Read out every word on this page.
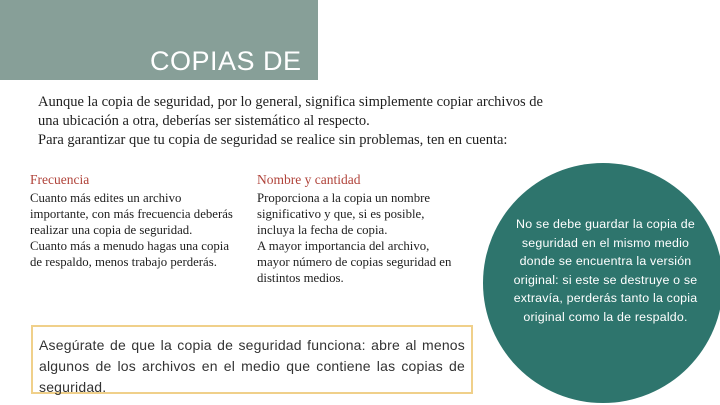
COPIAS DE

Aunque la copia de seguridad, por lo general, significa simplemente copiar archivos de

una ubicación a otra, deberías ser sistemático al respecto.

Para garantizar que tu copia de seguridad se realice sin problemas, ten en cuenta:

Frecuencia

Cuanto más edites un archivo importante, con más frecuencia deberás realizar una copia de seguridad.

Cuanto más a menudo hagas una copia de respaldo, menos trabajo perderás.

Nombre y cantidad

Proporciona a la copia un nombre significativo y que, si es posible, incluya la fecha de copia.

A mayor importancia del archivo, mayor número de copias seguridad en distintos medios.

Asegúrate de que la copia de seguridad funciona: abre al menos algunos de los archivos en el medio que contiene las copias de seguridad.
No se debe guardar la copia de seguridad en el mismo medio donde se encuentra la versión original: si este se destruye o se extravía, perderás tanto la copia original como la de respaldo.
